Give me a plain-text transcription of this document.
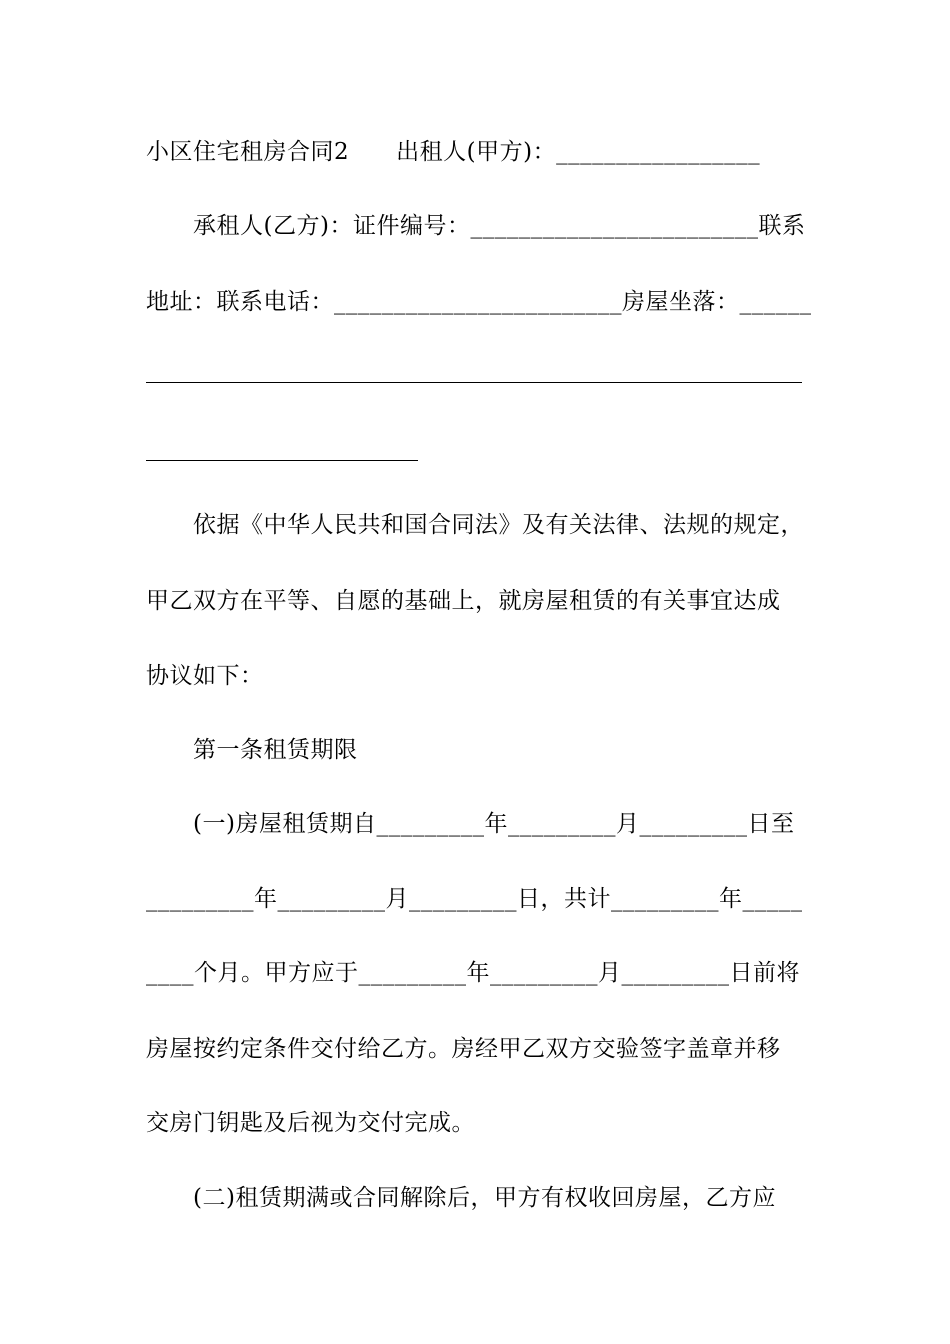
小区住宅租房合同2　　出租人(甲方)：_________________
　　承租人(乙方)：证件编号：________________________联系
地址：联系电话：________________________房屋坐落：______
　　依据《中华人民共和国合同法》及有关法律、法规的规定，
甲乙双方在平等、自愿的基础上，就房屋租赁的有关事宜达成
协议如下：
　　第一条租赁期限
　　(一)房屋租赁期自_________年_________月_________日至
_________年_________月_________日，共计_________年_____
____个月。甲方应于_________年_________月_________日前将
房屋按约定条件交付给乙方。房经甲乙双方交验签字盖章并移
交房门钥匙及后视为交付完成。
　　(二)租赁期满或合同解除后，甲方有权收回房屋，乙方应
